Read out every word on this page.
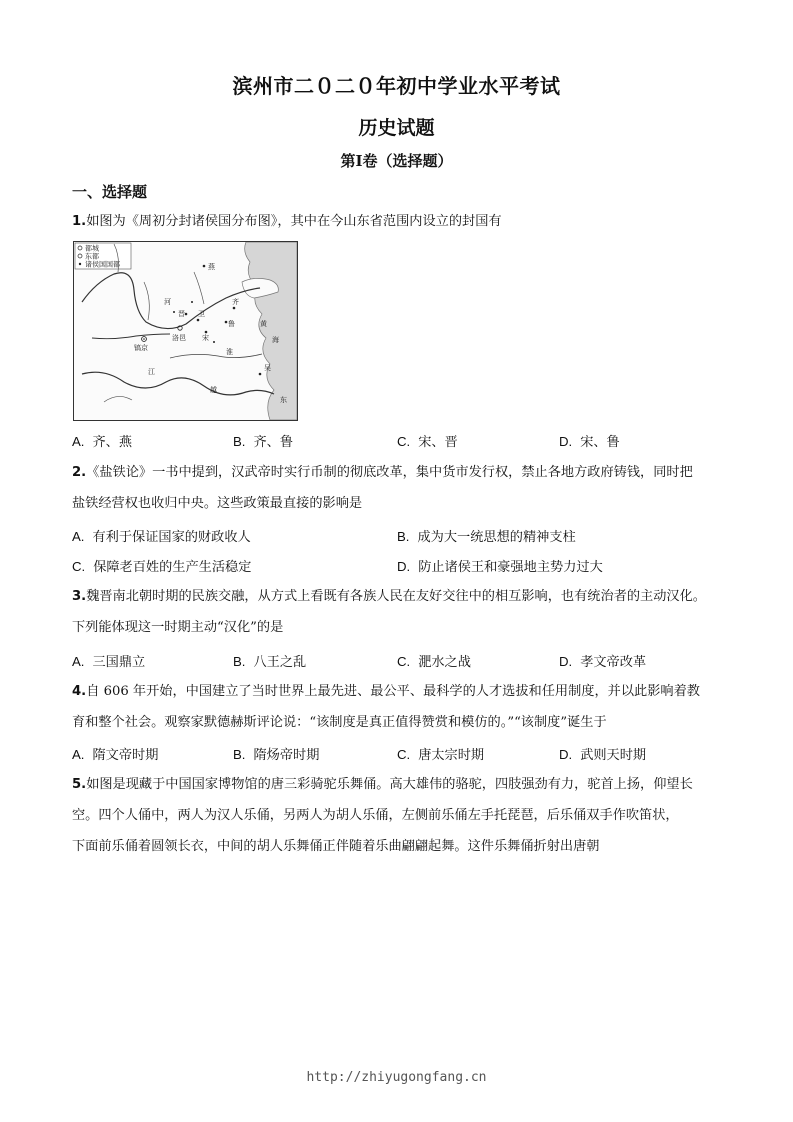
滨州市二０二０年初中学业水平考试
历史试题
第Ⅰ卷（选择题）
一、选择题
1.如图为《周初分封诸侯国分布图》，其中在今山东省范围内设立的封国有
都城
东都
诸侯国国都	燕
齐
鲁
宋
晋 卫
洛邑
镐京
江
黄
海
吴
东
河
淮
越
A. 齐、燕	B. 齐、鲁	C. 宋、晋	D. 宋、鲁
2.《盐铁论》一书中提到，汉武帝时实行币制的彻底改革，集中货市发行权，禁止各地方政府铸钱，同时把
盐铁经营权也收归中央。这些政策最直接的影响是
A. 有利于保证国家的财政收人	B. 成为大一统思想的精神支柱
C. 保障老百姓的生产生活稳定	D. 防止诸侯王和豪强地主势力过大
3.魏晋南北朝时期的民族交融，从方式上看既有各族人民在友好交往中的相互影响，也有统治者的主动汉化。
下列能体现这一时期主动“汉化”的是
A. 三国鼎立	B. 八王之乱	C. 淝水之战	D. 孝文帝改革
4.自 606 年开始，中国建立了当时世界上最先进、最公平、最科学的人才选拔和任用制度，并以此影响着教
育和整个社会。观察家默德赫斯评论说：“该制度是真正值得赞赏和模仿的。”“该制度”诞生于
A. 隋文帝时期	B. 隋炀帝时期	C. 唐太宗时期	D. 武则天时期
5.如图是现藏于中国国家博物馆的唐三彩骑驼乐舞俑。高大雄伟的骆驼，四肢强劲有力，驼首上扬，仰望长
空。四个人俑中，两人为汉人乐俑，另两人为胡人乐俑，左侧前乐俑左手托琵琶，后乐俑双手作吹笛状，
下面前乐俑着圆领长衣，中间的胡人乐舞俑正伴随着乐曲翩翩起舞。这件乐舞俑折射出唐朝
http://zhiyugongfang.cn
